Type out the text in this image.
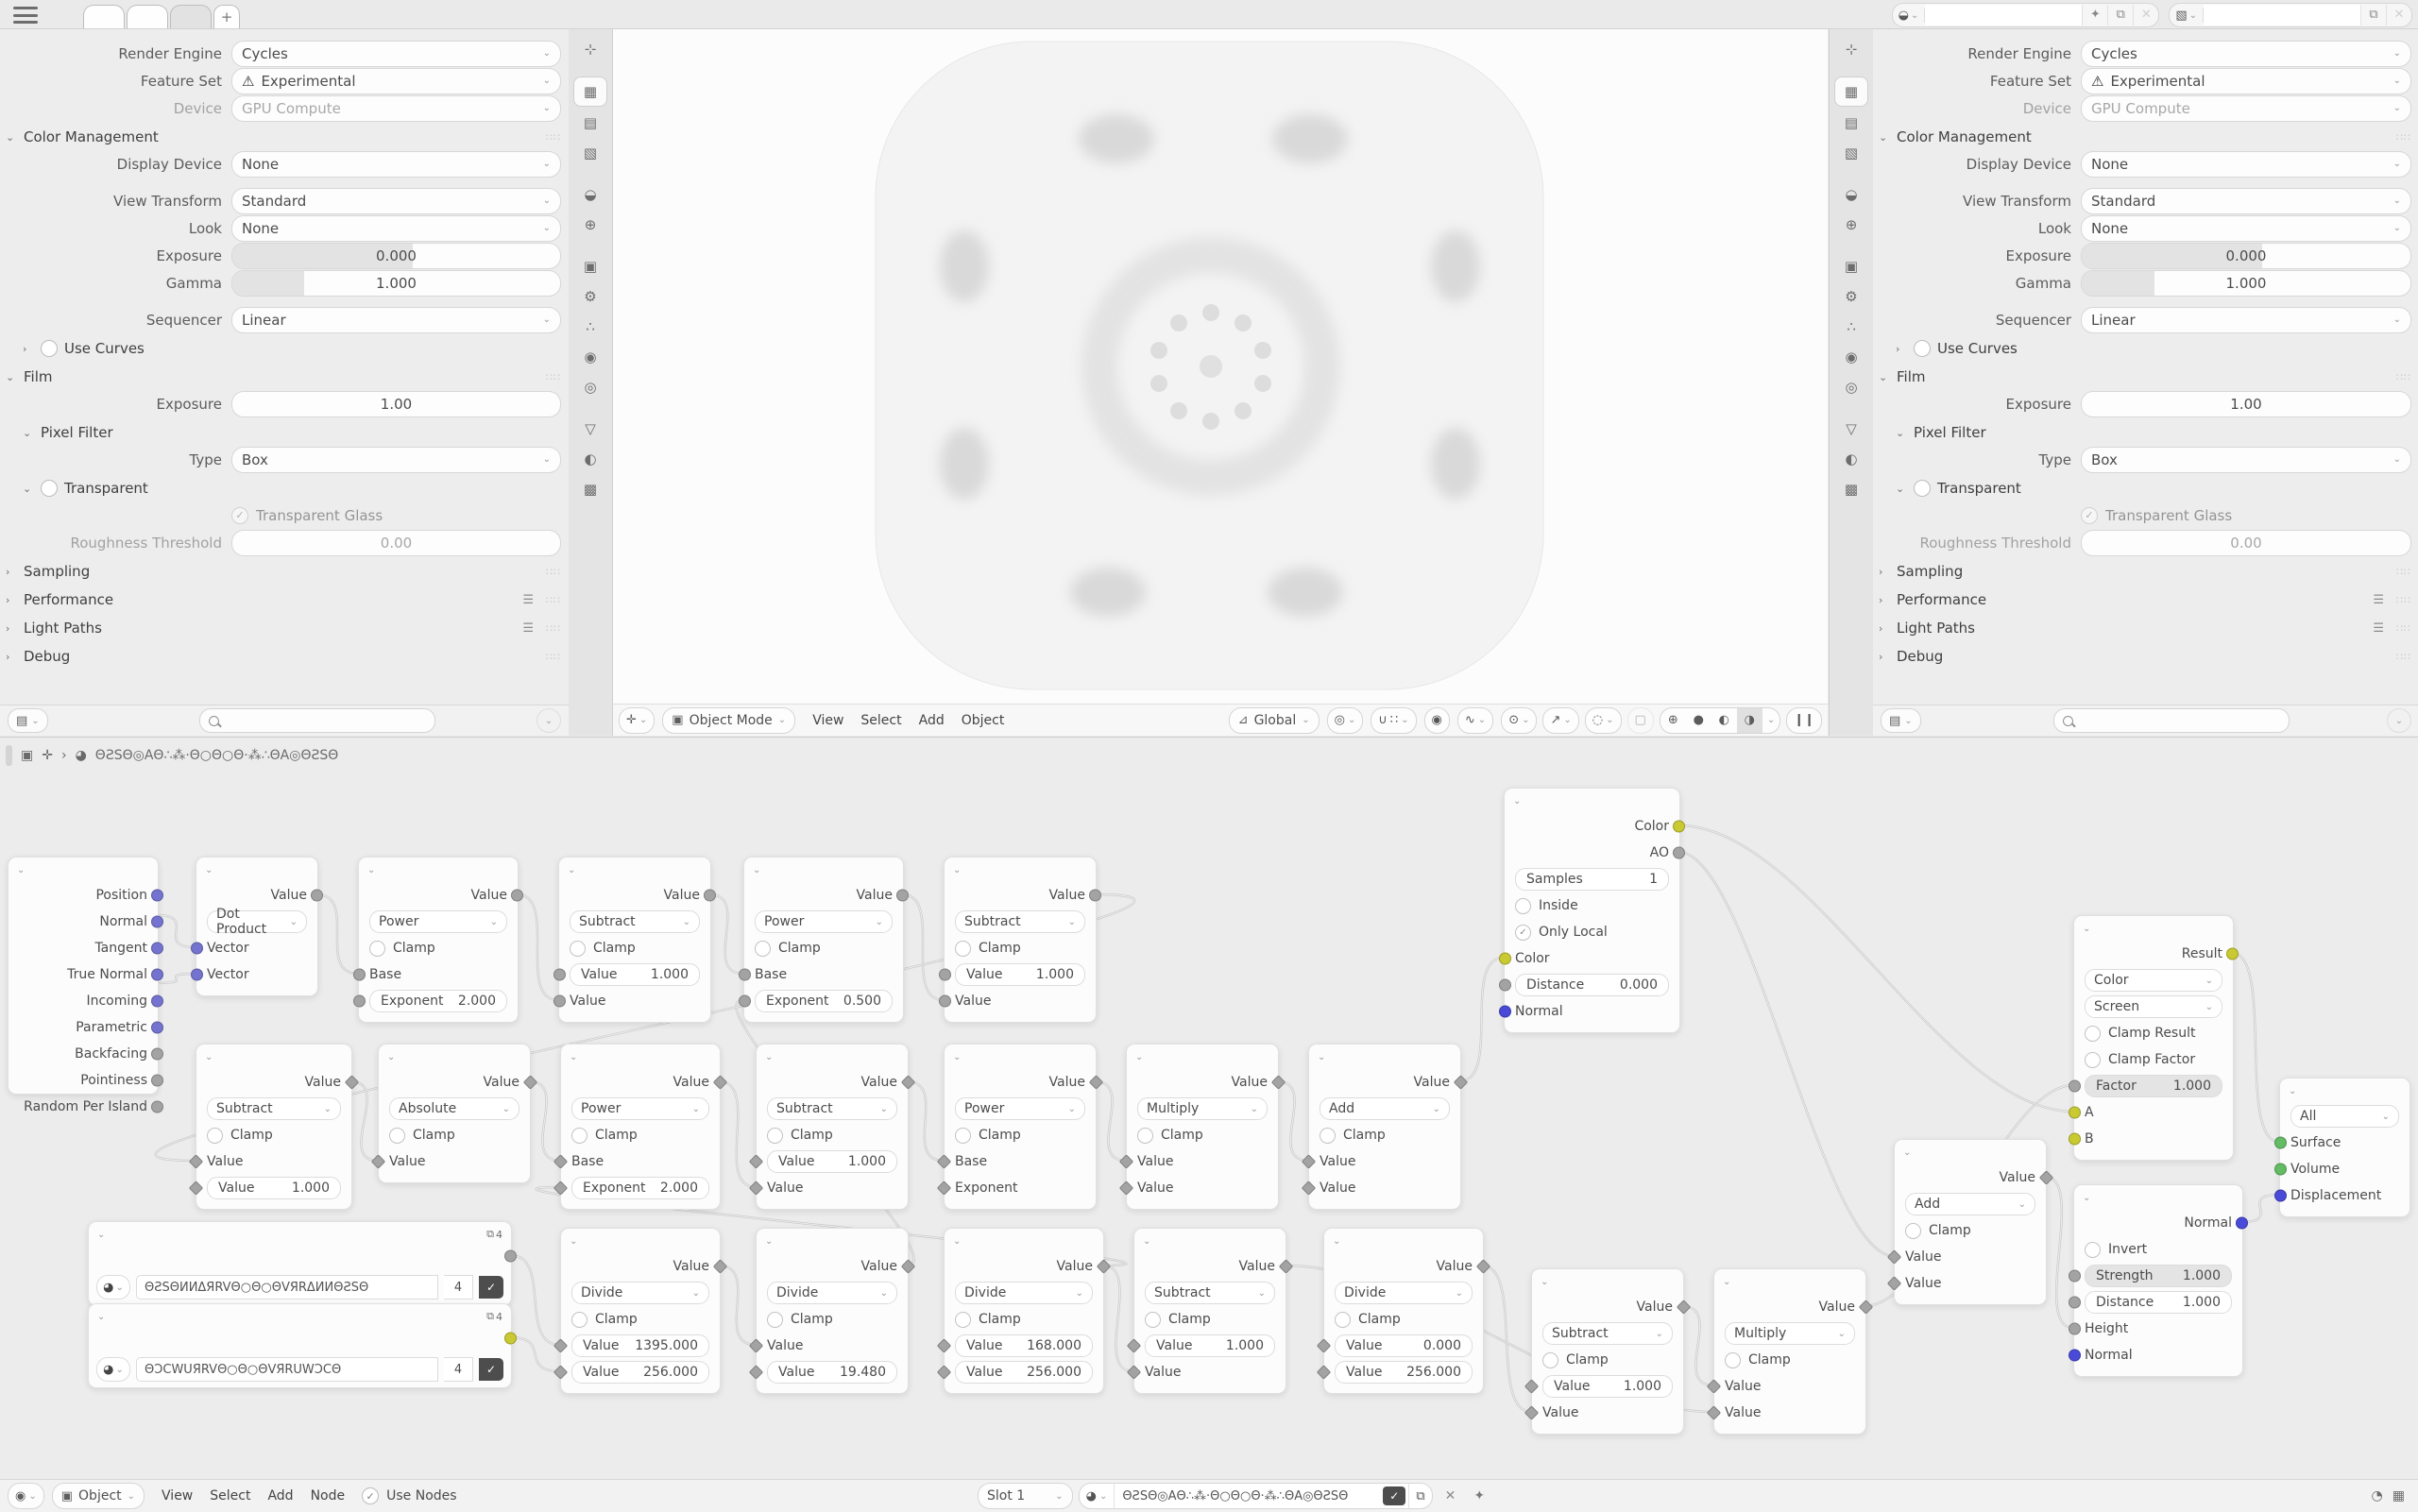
+	◒ ⌄	✦	⧉	✕	▧ ⌄	⧉	✕
Render Engine	Cycles	⌄
Feature Set	⚠ Experimental	⌄
Device	GPU Compute	⌄
⌄ Color Management	∷∷
Display Device	None	⌄
View Transform	Standard	⌄
Look	None	⌄
Exposure	0.000
Gamma	1.000
Sequencer	Linear	⌄
›	Use Curves
⌄ Film	∷∷
Exposure	1.00
⌄ Pixel Filter
Type	Box	⌄
⌄ Transparent
✓ Transparent Glass
Roughness Threshold	0.00
› Sampling	∷∷
› Performance	☰ ∷∷
› Light Paths	☰ ∷∷
› Debug	∷∷
▤ ⌄	⌄
⊹
▦
▤
▧
◒
⊕
▣
⚙
∴
◉
◎
▽
◐
▩
✛ ⌄ ▣ Object Mode ⌄ View Select Add Object	⊿ Global ⌄ ◎ ⌄ ∪ ∷ ⌄ ◉ ∿ ⌄ ⊙ ⌄ ↗ ⌄ ◌ ⌄ ▢	⊕	●	◐	◑	⌄	❙❙
⊹
▦
▤
▧
◒
⊕
▣
⚙
∴
◉
◎
▽
◐
▩
Render Engine	Cycles	⌄
Feature Set	⚠ Experimental	⌄
Device	GPU Compute	⌄
⌄ Color Management	∷∷
Display Device	None	⌄
View Transform	Standard	⌄
Look	None	⌄
Exposure	0.000
Gamma	1.000
Sequencer	Linear	⌄
›	Use Curves
⌄ Film	∷∷
Exposure	1.00
⌄ Pixel Filter
Type	Box	⌄
⌄ Transparent
✓ Transparent Glass
Roughness Threshold	0.00
› Sampling	∷∷
› Performance	☰ ∷∷
› Light Paths	☰ ∷∷
› Debug	∷∷
▤ ⌄	⌄
⌄
Position
Normal
Tangent
True Normal
Incoming
Parametric
Backfacing
Pointiness
Random Per Island
⌄
Value
Dot Product	⌄
Vector
Vector
⌄
Value
Power	⌄
Clamp
Base
Exponent 2.000
⌄
Value
Subtract	⌄
Clamp
Value	1.000
Value
⌄
Value
Power	⌄
Clamp
Base
Exponent 0.500
⌄
Value
Subtract	⌄
Clamp
Value	1.000
Value
⌄
Value
Subtract	⌄
Clamp
Value
Value	1.000
⌄
Value
Absolute	⌄
Clamp
Value
⌄
Value
Power	⌄
Clamp
Base
Exponent 2.000
⌄
Value
Subtract	⌄
Clamp
Value	1.000
Value
⌄
Value
Power	⌄
Clamp
Base
Exponent
⌄
Value
Multiply	⌄
Clamp
Value
Value
⌄
Value
Add	⌄
Clamp
Value
Value
⌄
Color
AO
Samples	1
Inside
✓ Only Local
Color
Distance	0.000
Normal
⌄	⧉ 4
◕ ⌄	ΘƧSΘИИΔЯRVΘ○Θ○ΘVЯRΔИИΘƧSΘ	4	✓
⌄	⧉ 4
◕ ⌄	ΘƆCWUЯRVΘ○Θ○ΘVЯRUWƆCΘ	4	✓
⌄
Value
Divide	⌄
Clamp
Value 1395.000
Value 256.000
⌄
Value
Divide	⌄
Clamp
Value
Value 19.480
⌄
Value
Divide	⌄
Clamp
Value 168.000
Value 256.000
⌄
Value
Subtract	⌄
Clamp
Value	1.000
Value
⌄
Value
Divide	⌄
Clamp
Value	0.000
Value 256.000
⌄
Value
Subtract	⌄
Clamp
Value	1.000
Value
⌄
Value
Multiply	⌄
Clamp
Value
Value
⌄
Value
Add	⌄
Clamp
Value
Value
⌄
Result
Color	⌄
Screen	⌄
Clamp Result
Clamp Factor
Factor	1.000
A
B
⌄
Normal
Invert
Strength 1.000
Distance 1.000
Height
Normal
⌄
All	⌄
Surface
Volume
Displacement
▣ ✛ › ◕ ΘƧSΘ◎AΘ∴⁂·Θ○Θ○Θ·⁂∴ΘA◎ΘƧSΘ
◉ ⌄ ▣ Object ⌄ View Select Add Node	✓ Use Nodes	Slot 1	⌄ ◕ ⌄	ΘƧSΘ◎AΘ∴⁂·Θ○Θ○Θ·⁂∴ΘA◎ΘƧSΘ	✓	⧉	✕	✦	◔ ▦
